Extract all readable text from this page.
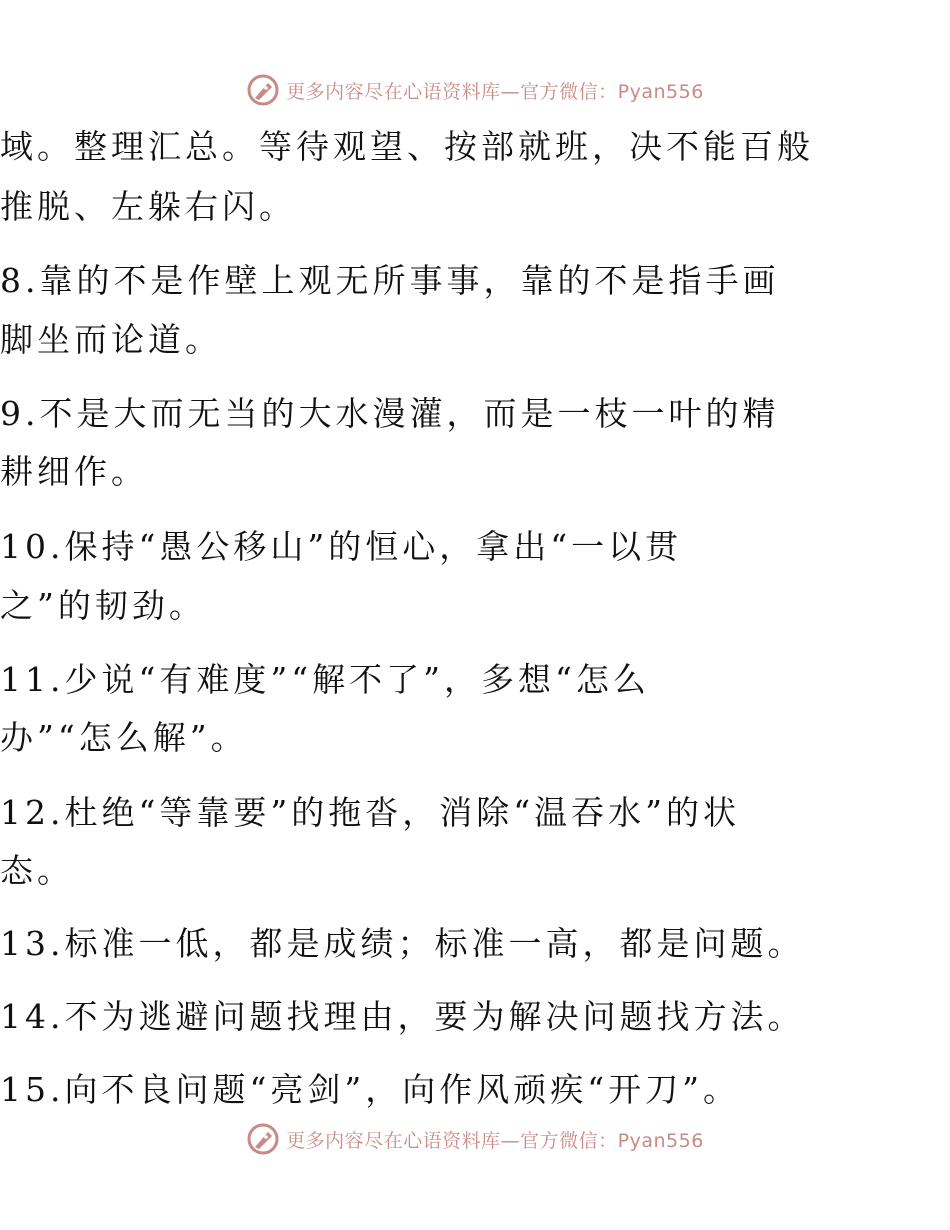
更多内容尽在心语资料库—官方微信：Pyan556
域。整理汇总。等待观望、按部就班，决不能百般
推脱、左躲右闪。
8.靠的不是作壁上观无所事事，靠的不是指手画
脚坐而论道。
9.不是大而无当的大水漫灌，而是一枝一叶的精
耕细作。
10.保持“愚公移山”的恒心，拿出“一以贯
之”的韧劲。
11.少说“有难度”“解不了”，多想“怎么
办”“怎么解”。
12.杜绝“等靠要”的拖沓，消除“温吞水”的状
态。
13.标准一低，都是成绩；标准一高，都是问题。
14.不为逃避问题找理由，要为解决问题找方法。
15.向不良问题“亮剑”，向作风顽疾“开刀”。
更多内容尽在心语资料库—官方微信：Pyan556
